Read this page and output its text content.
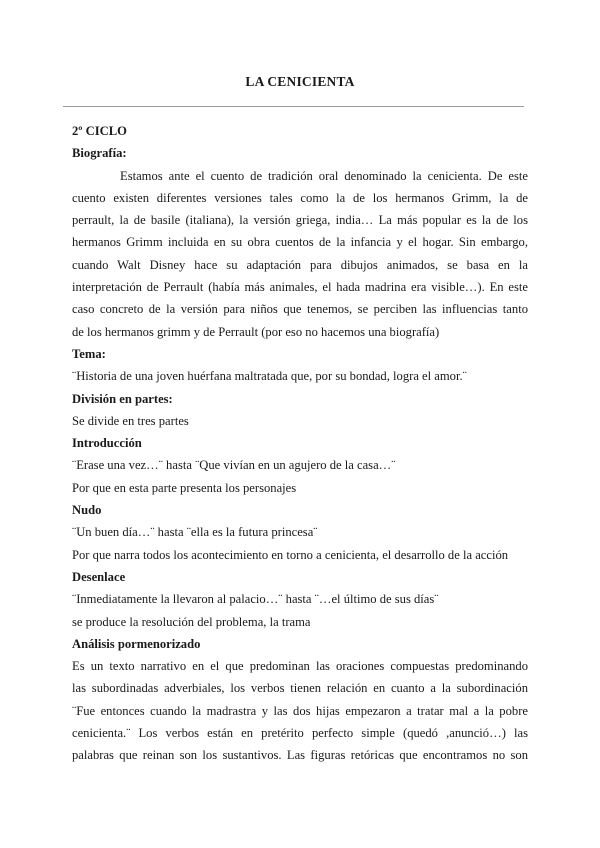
LA CENICIENTA

2º CICLO

Biografía:

Estamos ante el cuento de tradición oral denominado la cenicienta. De este

cuento existen diferentes versiones tales como la de los hermanos Grimm, la de

perrault, la de basile (italiana), la versión griega, india… La más popular es la de los

hermanos Grimm incluida en su obra cuentos de la infancia y el hogar. Sin embargo,

cuando Walt Disney hace su adaptación para dibujos animados, se basa en la

interpretación de Perrault (había más animales, el hada madrina era visible…). En este

caso concreto de la versión para niños que tenemos, se perciben las influencias tanto

de los hermanos grimm y de Perrault (por eso no hacemos una biografía)

Tema:

¨Historia de una joven huérfana maltratada que, por su bondad, logra el amor.¨

División en partes:

Se divide en tres partes

Introducción

¨Erase una vez…¨ hasta ¨Que vivían en un agujero de la casa…¨

Por que en esta parte presenta los personajes

Nudo

¨Un buen día…¨ hasta ¨ella es la futura princesa¨

Por que narra todos los acontecimiento en torno a cenicienta, el desarrollo de la acción

Desenlace

¨Inmediatamente la llevaron al palacio…¨ hasta ¨…el último de sus días¨

se produce la resolución del problema, la trama

Análisis pormenorizado

Es un texto narrativo en el que predominan las oraciones compuestas predominando

las subordinadas adverbiales, los verbos tienen relación en cuanto a la subordinación

¨Fue entonces cuando la madrastra y las dos hijas empezaron a tratar mal a la pobre

cenicienta.¨ Los verbos están en pretérito perfecto simple (quedó ,anunció…) las

palabras que reinan son los sustantivos. Las figuras retóricas que encontramos no son
